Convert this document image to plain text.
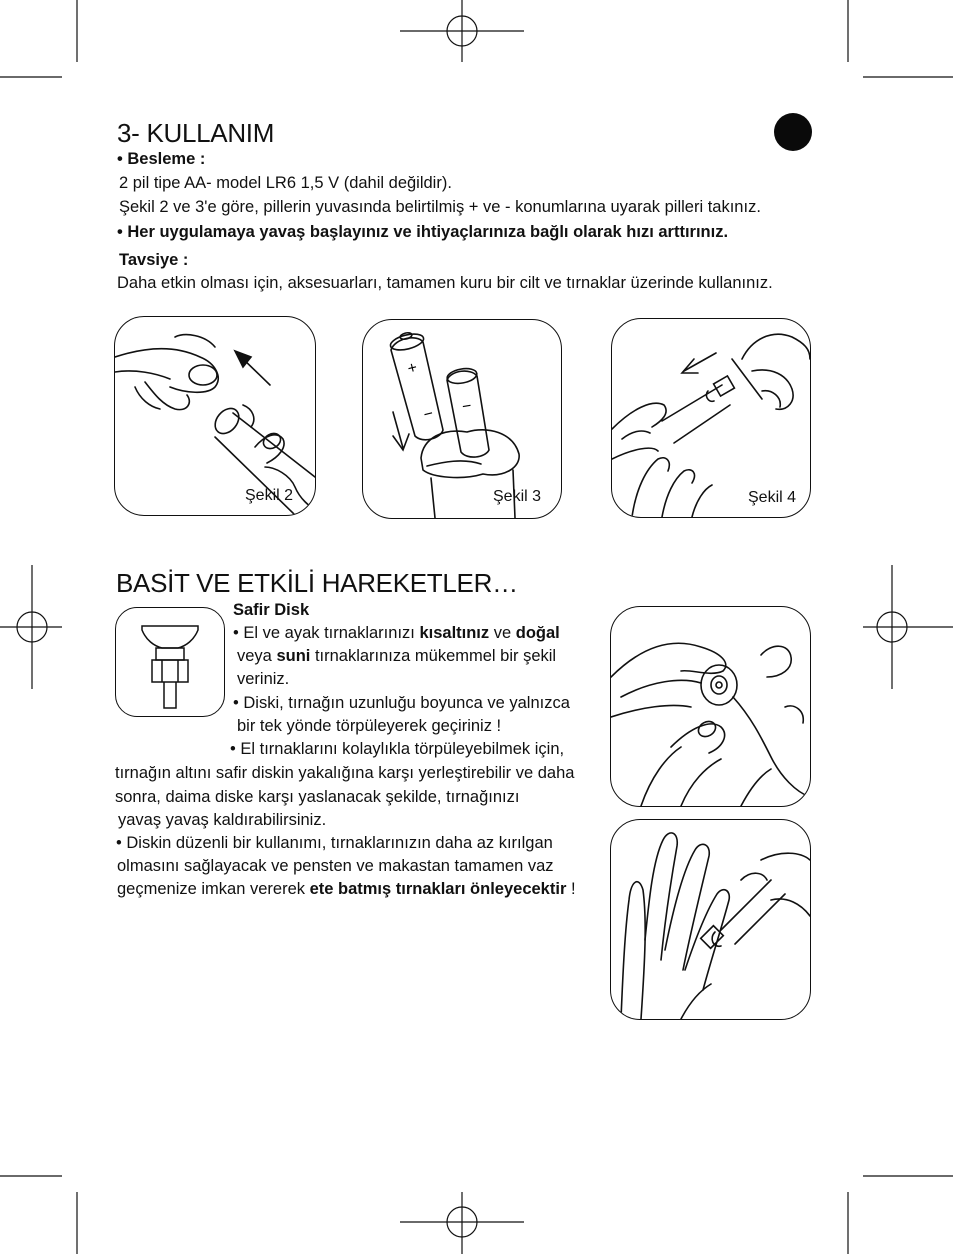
3- KULLANIM
• Besleme :
2 pil tipe AA- model LR6 1,5 V (dahil değildir).
Şekil 2 ve 3'e göre, pillerin yuvasında belirtilmiş + ve - konumlarına uyarak pilleri takınız.
• Her uygulamaya yavaş başlayınız ve ihtiyaçlarınıza bağlı olarak hızı arttırınız.
Tavsiye :
Daha etkin olması için, aksesuarları, tamamen kuru bir cilt ve tırnaklar üzerinde kullanınız.
Şekil 2
+
− −
Şekil 3	Şekil 4
BASİT VE ETKİLİ HAREKETLER…
Safir Disk
• El ve ayak tırnaklarınızı kısaltınız ve doğal
veya suni tırnaklarınıza mükemmel bir şekil
veriniz.
• Diski, tırnağın uzunluğu boyunca ve yalnızca
bir tek yönde törpüleyerek geçiriniz !
• El tırnaklarını kolaylıkla törpüleyebilmek için,
tırnağın altını safir diskin yakalığına karşı yerleştirebilir ve daha
sonra, daima diske karşı yaslanacak şekilde, tırnağınızı
yavaş yavaş kaldırabilirsiniz.
• Diskin düzenli bir kullanımı, tırnaklarınızın daha az kırılgan
olmasını sağlayacak ve pensten ve makastan tamamen vaz
geçmenize imkan vererek ete batmış tırnakları önleyecektir !
